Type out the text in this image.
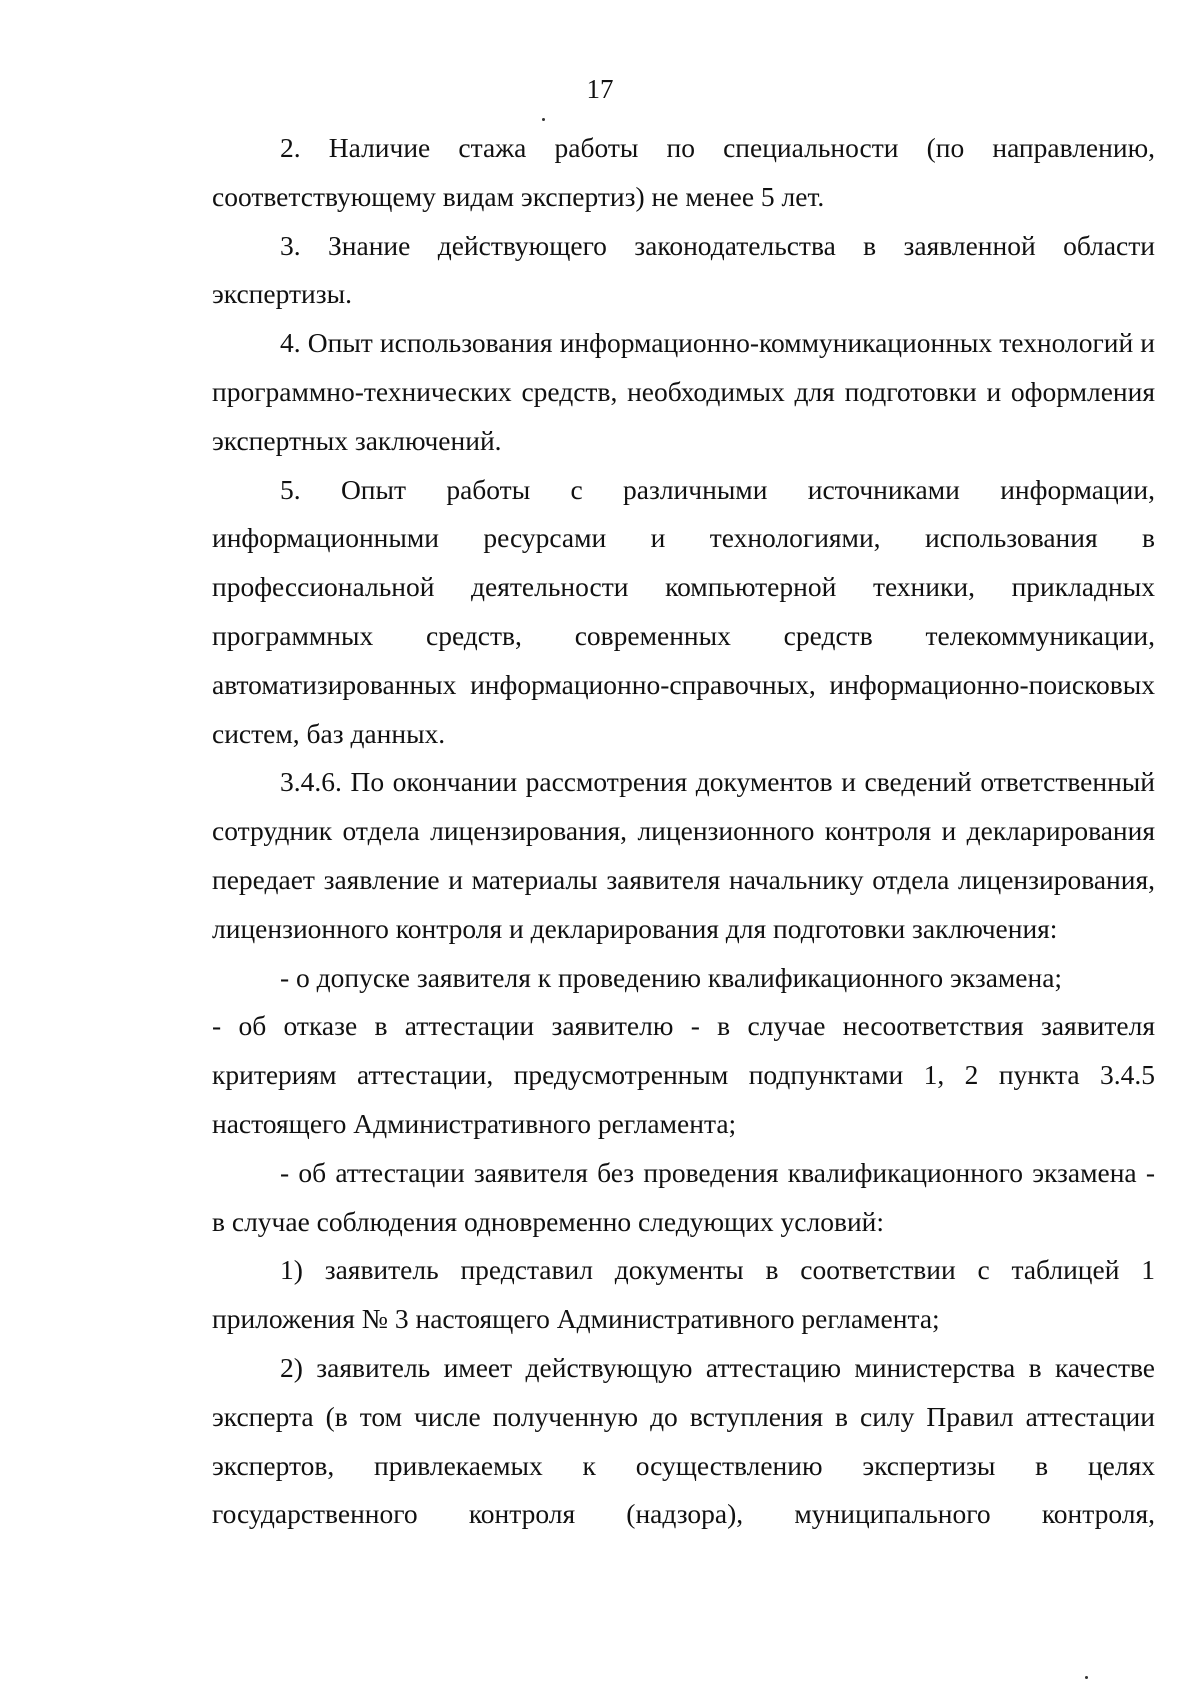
17

2. Наличие стажа работы по специальности (по направлению, соответствующему видам экспертиз) не менее 5 лет.

3. Знание действующего законодательства в заявленной области экспертизы.

4. Опыт использования информационно-коммуникационных технологий и программно-технических средств, необходимых для подготовки и оформления экспертных заключений.

5. Опыт работы с различными источниками информации, информационными ресурсами и технологиями, использования в профессиональной деятельности компьютерной техники, прикладных программных средств, современных средств телекоммуникации, автоматизированных информационно-справочных, информационно-поисковых систем, баз данных.

3.4.6. По окончании рассмотрения документов и сведений ответственный сотрудник отдела лицензирования, лицензионного контроля и декларирования передает заявление и материалы заявителя начальнику отдела лицензирования, лицензионного контроля и декларирования для подготовки заключения:

- о допуске заявителя к проведению квалификационного экзамена;

- об отказе в аттестации заявителю - в случае несоответствия заявителя критериям аттестации, предусмотренным подпунктами 1, 2 пункта 3.4.5 настоящего Административного регламента;

- об аттестации заявителя без проведения квалификационного экзамена - в случае соблюдения одновременно следующих условий:

1) заявитель представил документы в соответствии с таблицей 1 приложения № 3 настоящего Административного регламента;

2) заявитель имеет действующую аттестацию министерства в качестве эксперта (в том числе полученную до вступления в силу Правил аттестации экспертов, привлекаемых к осуществлению экспертизы в целях государственного контроля (надзора), муниципального контроля,
